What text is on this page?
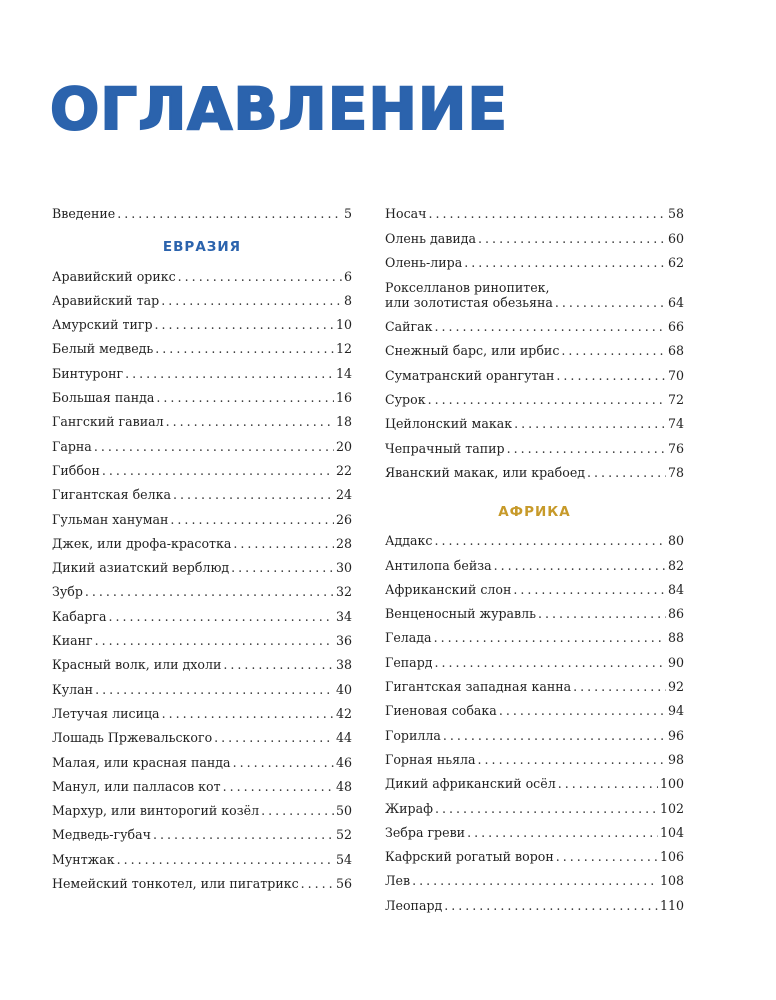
ОГЛАВЛЕНИЕ
Введение . . .	5
ЕВРАЗИЯ
Аравийский орикс . . .	6
Аравийский тар . . .	8
Амурский тигр . . .	10
Белый медведь . . .	12
Бинтуронг . . .	14
Большая панда . . .	16
Гангский гавиал . . .	18
Гарна . . .	20
Гиббон . . .	22
Гигантская белка . . .	24
Гульман хануман . . .	26
Джек, или дрофа-красотка . . .	28
Дикий азиатский верблюд . . .	30
Зубр . . .	32
Кабарга . . .	34
Кианг . . .	36
Красный волк, или дхоли . . .	38
Кулан . . .	40
Летучая лисица . . .	42
Лошадь Пржевальского . . .	44
Малая, или красная панда . . .	46
Манул, или палласов кот . . .	48
Мархур, или винторогий козёл . . .	50
Медведь-губач . . .	52
Мунтжак . . .	54
Немейский тонкотел, или пигатрикс . . .	56
Носач . . .	58
Олень давида . . .	60
Олень-лира . . .	62
Рокселланов ринопитек,
или золотистая обезьяна . . .	64
Сайгак . . .	66
Снежный барс, или ирбис . . .	68
Суматранский орангутан . . .	70
Сурок . . .	72
Цейлонский макак . . .	74
Чепрачный тапир . . .	76
Яванский макак, или крабоед . . .	78
АФРИКА
Аддакс . . .	80
Антилопа бейза . . .	82
Африканский слон . . .	84
Венценосный журавль . . .	86
Гелада . . .	88
Гепард . . .	90
Гигантская западная канна . . .	92
Гиеновая собака . . .	94
Горилла . . .	96
Горная ньяла . . .	98
Дикий африканский осёл . . .	100
Жираф . . .	102
Зебра греви . . .	104
Кафрский рогатый ворон . . .	106
Лев . . .	108
Леопард . . .	110
